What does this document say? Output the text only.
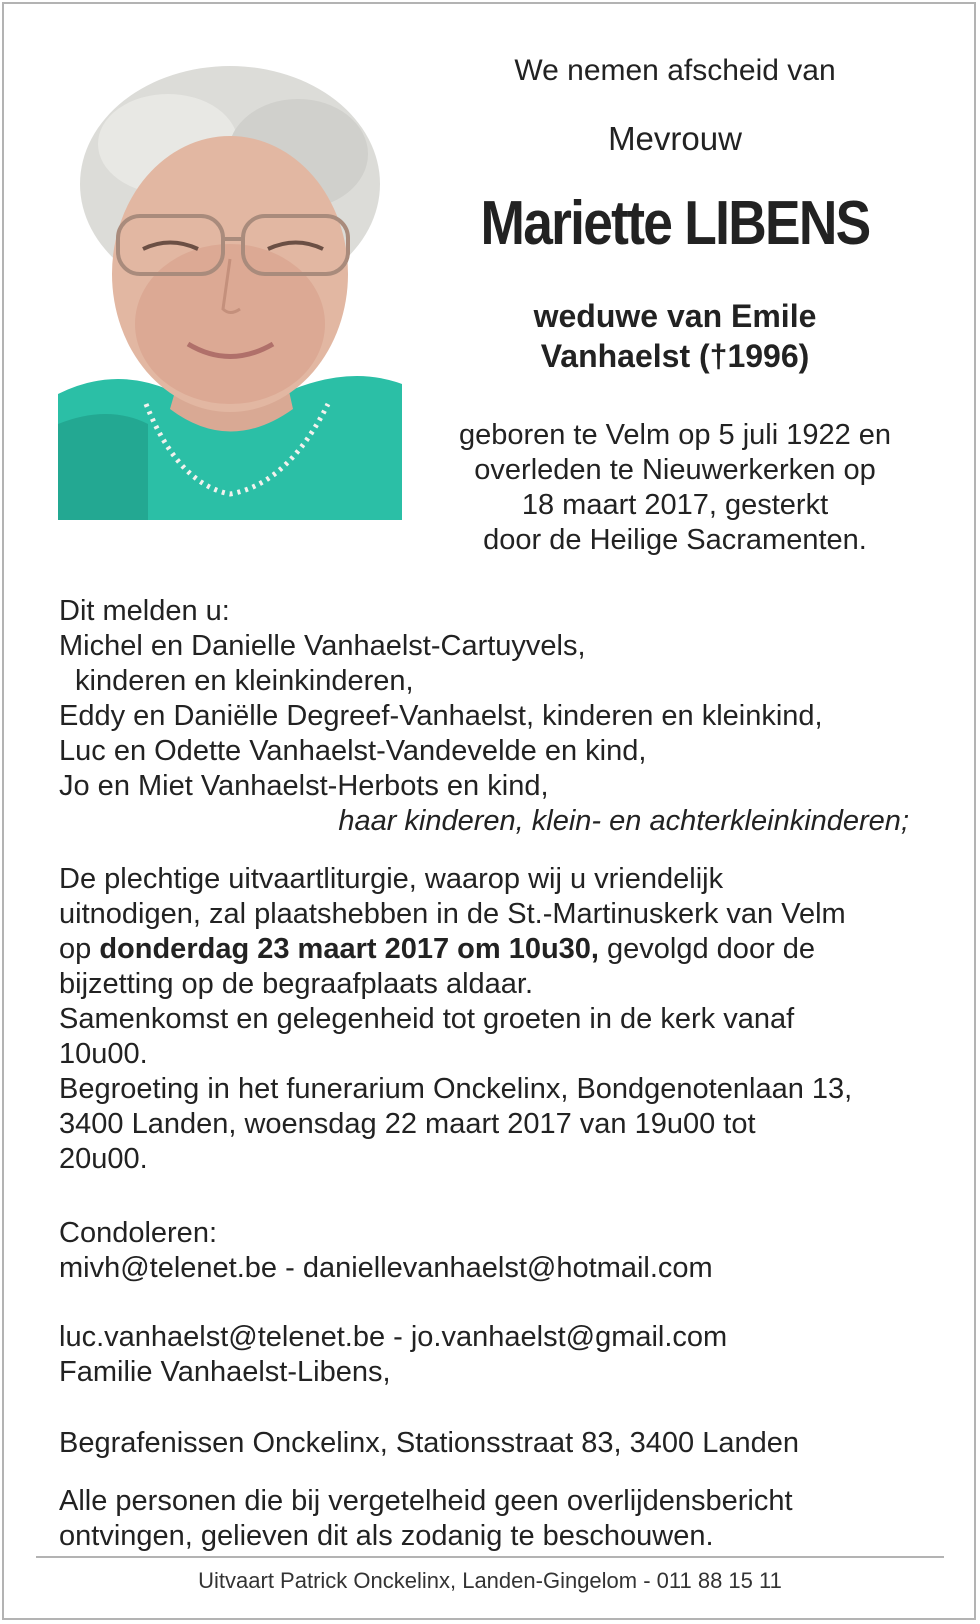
We nemen afscheid van
Mevrouw
Mariette LIBENS
weduwe van Emile
Vanhaelst (†1996)
geboren te Velm op 5 juli 1922 en
overleden te Nieuwerkerken op
18 maart 2017, gesterkt
door de Heilige Sacramenten.
Dit melden u:
Michel en Danielle Vanhaelst-Cartuyvels,
kinderen en kleinkinderen,
Eddy en Daniëlle Degreef-Vanhaelst, kinderen en kleinkind,
Luc en Odette Vanhaelst-Vandevelde en kind,
Jo en Miet Vanhaelst-Herbots en kind,
haar kinderen, klein- en achterkleinkinderen;
De plechtige uitvaartliturgie, waarop wij u vriendelijk
uitnodigen, zal plaatshebben in de St.-Martinuskerk van Velm
op donderdag 23 maart 2017 om 10u30, gevolgd door de
bijzetting op de begraafplaats aldaar.
Samenkomst en gelegenheid tot groeten in de kerk vanaf
10u00.
Begroeting in het funerarium Onckelinx, Bondgenotenlaan 13,
3400 Landen, woensdag 22 maart 2017 van 19u00 tot
20u00.
Condoleren:
mivh@telenet.be - daniellevanhaelst@hotmail.com
luc.vanhaelst@telenet.be - jo.vanhaelst@gmail.com
Familie Vanhaelst-Libens,
Begrafenissen Onckelinx, Stationsstraat 83, 3400 Landen
Alle personen die bij vergetelheid geen overlijdensbericht
ontvingen, gelieven dit als zodanig te beschouwen.
Uitvaart Patrick Onckelinx, Landen-Gingelom - 011 88 15 11
